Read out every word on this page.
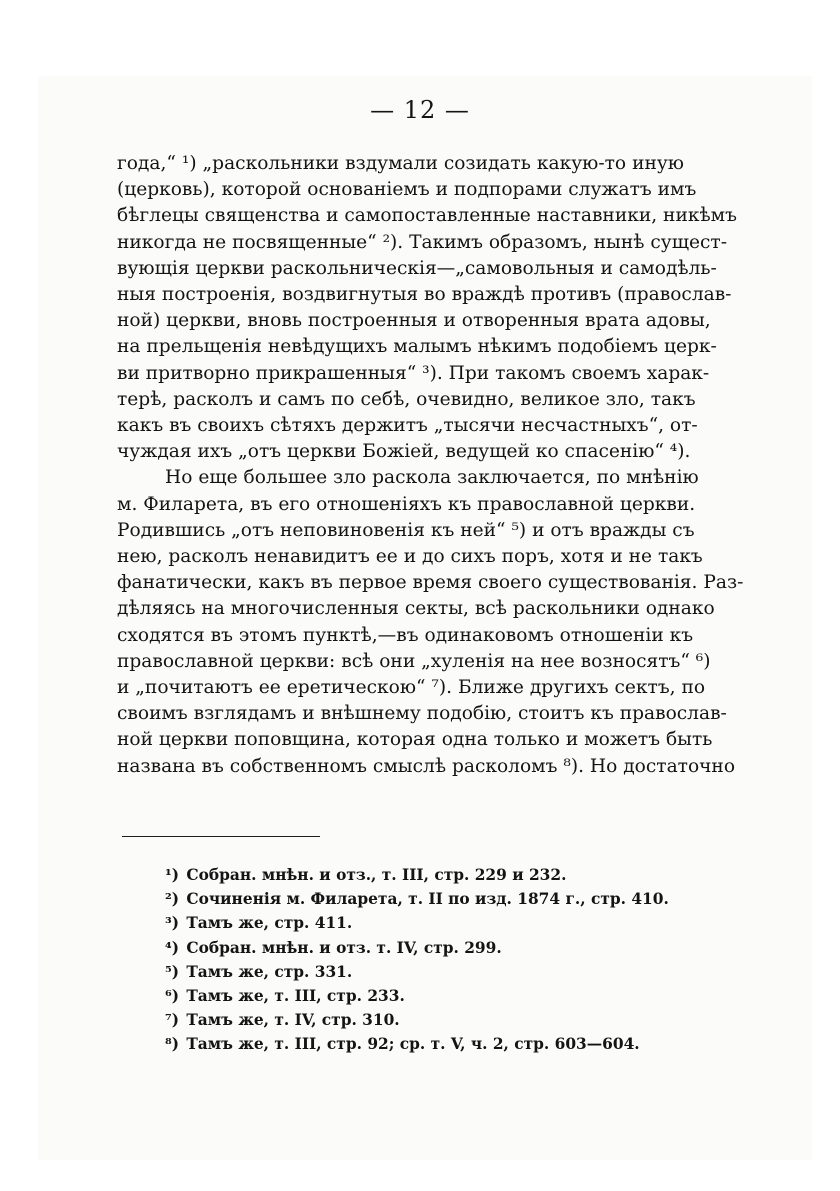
— 12 —
года,“ ¹) „раскольники вздумали созидать какую-то иную
(церковь), которой основаніемъ и подпорами служатъ имъ
бѣглецы священства и самопоставленные наставники, никѣмъ
никогда не посвященные“ ²). Такимъ образомъ, нынѣ сущест-
вующія церкви раскольническія—„самовольныя и самодѣль-
ныя построенія, воздвигнутыя во враждѣ противъ (православ-
ной) церкви, вновь построенныя и отворенныя врата адовы,
на прельщенія невѣдущихъ малымъ нѣкимъ подобіемъ церк-
ви притворно прикрашенныя“ ³). При такомъ своемъ харак-
терѣ, расколъ и самъ по себѣ, очевидно, великое зло, такъ
какъ въ своихъ сѣтяхъ держитъ „тысячи несчастныхъ“, от-
чуждая ихъ „отъ церкви Божіей, ведущей ко спасенію“ ⁴).
Но еще большее зло раскола заключается, по мнѣнію
м. Филарета, въ его отношеніяхъ къ православной церкви.
Родившись „отъ неповиновенія къ ней“ ⁵) и отъ вражды съ
нею, расколъ ненавидитъ ее и до сихъ поръ, хотя и не такъ
фанатически, какъ въ первое время своего существованія. Раз-
дѣляясь на многочисленныя секты, всѣ раскольники однако
сходятся въ этомъ пунктѣ,—въ одинаковомъ отношеніи къ
православной церкви: всѣ они „хуленія на нее возносятъ“ ⁶)
и „почитаютъ ее еретическою“ ⁷). Ближе другихъ сектъ, по
своимъ взглядамъ и внѣшнему подобію, стоитъ къ православ-
ной церкви поповщина, которая одна только и можетъ быть
названа въ собственномъ смыслѣ расколомъ ⁸). Но достаточно
¹) Собран. мнѣн. и отз., т. III, стр. 229 и 232.
²) Сочиненія м. Филарета, т. II по изд. 1874 г., стр. 410.
³) Тамъ же, стр. 411.
⁴) Собран. мнѣн. и отз. т. IV, стр. 299.
⁵) Тамъ же, стр. 331.
⁶) Тамъ же, т. III, стр. 233.
⁷) Тамъ же, т. IV, стр. 310.
⁸) Тамъ же, т. III, стр. 92; ср. т. V, ч. 2, стр. 603—604.
